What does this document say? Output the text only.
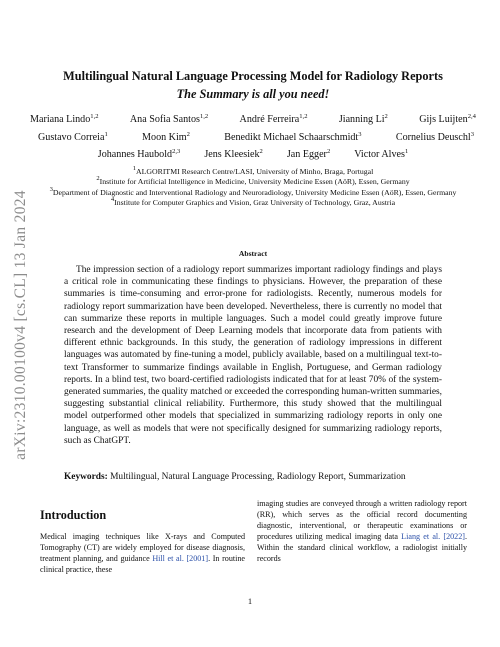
arXiv:2310.00100v4 [cs.CL] 13 Jan 2024
Multilingual Natural Language Processing Model for Radiology Reports
The Summary is all you need!
Mariana Lindo$^{1,2}$	Ana Sofia Santos$^{1,2}$	André Ferreira$^{1,2}$	Jianning Li$^2$	Gijs Luijten$^{2,4}$
Gustavo Correia$^1$	Moon Kim$^2$	Benedikt Michael Schaarschmidt$^3$	Cornelius Deuschl$^3$
Johannes Haubold$^{2,3}$ Jens Kleesiek$^2$ Jan Egger$^2$ Victor Alves$^1$
$^1$ALGORITMI Research Centre/LASI, University of Minho, Braga, Portugal
$^2$Institute for Artificial Intelligence in Medicine, University Medicine Essen (AöR), Essen, Germany
$^3$Department of Diagnostic and Interventional Radiology and Neuroradiology, University Medicine Essen (AöR), Essen, Germany
$^4$Institute for Computer Graphics and Vision, Graz University of Technology, Graz, Austria
Abstract
The impression section of a radiology report summarizes important radiology findings and plays a critical role in communicating these findings to physicians. However, the preparation of these summaries is time-consuming and error-prone for radiologists. Recently, numerous models for radiology report summarization have been developed. Nevertheless, there is currently no model that can summarize these reports in multiple languages. Such a model could greatly improve future research and the development of Deep Learning models that incorporate data from patients with different ethnic backgrounds. In this study, the generation of radiology impressions in different languages was automated by fine-tuning a model, publicly available, based on a multilingual text-to-text Transformer to summarize findings available in English, Portuguese, and German radiology reports. In a blind test, two board-certified radiologists indicated that for at least 70% of the system-generated summaries, the quality matched or exceeded the corresponding human-written summaries, suggesting substantial clinical reliability. Furthermore, this study showed that the multilingual model outperformed other models that specialized in summarizing radiology reports in only one language, as well as models that were not specifically designed for summarizing radiology reports, such as ChatGPT.
Keywords: Multilingual, Natural Language Processing, Radiology Report, Summarization
Introduction
Medical imaging techniques like X-rays and Computed Tomography (CT) are widely employed for disease diagnosis, treatment planning, and guidance Hill et al. [2001]. In routine clinical practice, these
imaging studies are conveyed through a written radiology report (RR), which serves as the official record documenting diagnostic, interventional, or therapeutic examinations or procedures utilizing medical imaging data Liang et al. [2022]. Within the standard clinical workflow, a radiologist initially records
1
